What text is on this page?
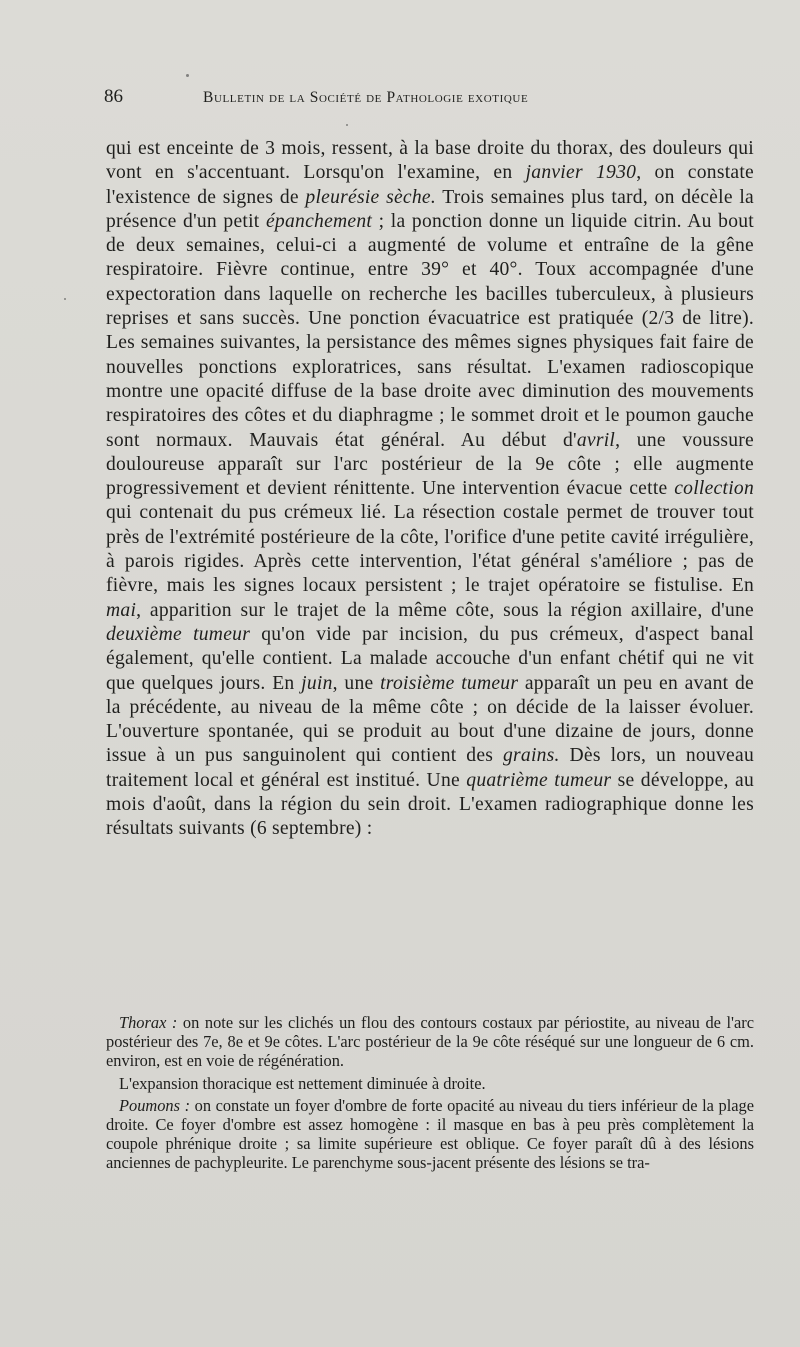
86	Bulletin de la Société de Pathologie exotique

qui est enceinte de 3 mois, ressent, à la base droite du thorax, des douleurs qui vont en s'accentuant. Lorsqu'on l'examine, en janvier 1930, on constate l'existence de signes de pleurésie sèche. Trois semaines plus tard, on décèle la présence d'un petit épanchement ; la ponction donne un liquide citrin. Au bout de deux semaines, celui-ci a augmenté de volume et entraîne de la gêne respiratoire. Fièvre continue, entre 39° et 40°. Toux accompagnée d'une expectoration dans laquelle on recherche les bacilles tuberculeux, à plusieurs reprises et sans succès. Une ponction évacuatrice est pratiquée (2/3 de litre). Les semaines suivantes, la persistance des mêmes signes physiques fait faire de nouvelles ponctions exploratrices, sans résultat. L'examen radioscopique montre une opacité diffuse de la base droite avec diminution des mouvements respiratoires des côtes et du diaphragme ; le sommet droit et le poumon gauche sont normaux. Mauvais état général. Au début d'avril, une voussure douloureuse apparaît sur l'arc postérieur de la 9e côte ; elle augmente progressivement et devient rénittente. Une intervention évacue cette collection qui contenait du pus crémeux lié. La résection costale permet de trouver tout près de l'extrémité postérieure de la côte, l'orifice d'une petite cavité irrégulière, à parois rigides. Après cette intervention, l'état général s'améliore ; pas de fièvre, mais les signes locaux persistent ; le trajet opératoire se fistulise. En mai, apparition sur le trajet de la même côte, sous la région axillaire, d'une deuxième tumeur qu'on vide par incision, du pus crémeux, d'aspect banal également, qu'elle contient. La malade accouche d'un enfant chétif qui ne vit que quelques jours. En juin, une troisième tumeur apparaît un peu en avant de la précédente, au niveau de la même côte ; on décide de la laisser évoluer. L'ouverture spontanée, qui se produit au bout d'une dizaine de jours, donne issue à un pus sanguinolent qui contient des grains. Dès lors, un nouveau traitement local et général est institué. Une quatrième tumeur se développe, au mois d'août, dans la région du sein droit. L'examen radiographique donne les résultats suivants (6 septembre) :

Thorax : on note sur les clichés un flou des contours costaux par périostite, au niveau de l'arc postérieur des 7e, 8e et 9e côtes. L'arc postérieur de la 9e côte réséqué sur une longueur de 6 cm. environ, est en voie de régénération.

L'expansion thoracique est nettement diminuée à droite.

Poumons : on constate un foyer d'ombre de forte opacité au niveau du tiers inférieur de la plage droite. Ce foyer d'ombre est assez homogène : il masque en bas à peu près complètement la coupole phrénique droite ; sa limite supérieure est oblique. Ce foyer paraît dû à des lésions anciennes de pachypleurite. Le parenchyme sous-jacent présente des lésions se tra-
